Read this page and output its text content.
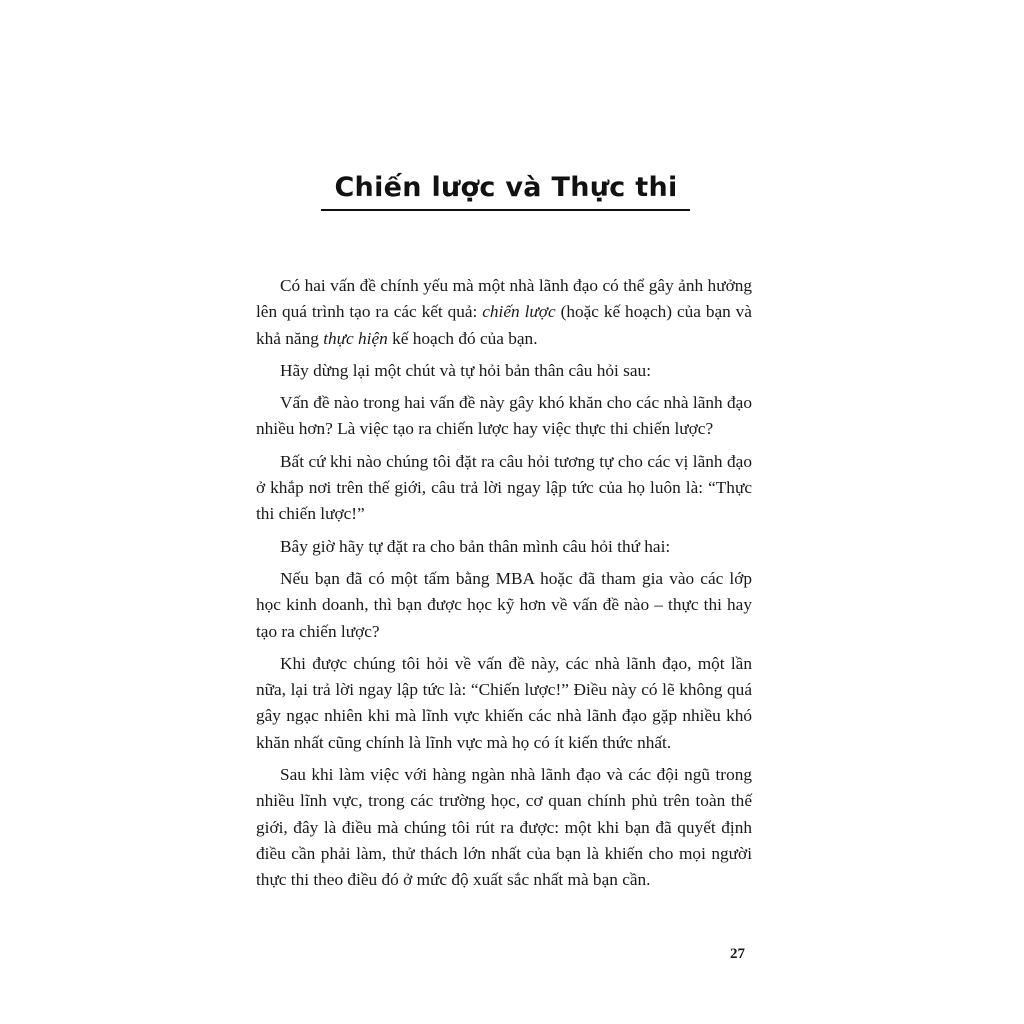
Chiến lược và Thực thi

Có hai vấn đề chính yếu mà một nhà lãnh đạo có thể gây ảnh hưởng lên quá trình tạo ra các kết quả: chiến lược (hoặc kế hoạch) của bạn và khả năng thực hiện kế hoạch đó của bạn.

Hãy dừng lại một chút và tự hỏi bản thân câu hỏi sau:

Vấn đề nào trong hai vấn đề này gây khó khăn cho các nhà lãnh đạo nhiều hơn? Là việc tạo ra chiến lược hay việc thực thi chiến lược?

Bất cứ khi nào chúng tôi đặt ra câu hỏi tương tự cho các vị lãnh đạo ở khắp nơi trên thế giới, câu trả lời ngay lập tức của họ luôn là: “Thực thi chiến lược!”

Bây giờ hãy tự đặt ra cho bản thân mình câu hỏi thứ hai:

Nếu bạn đã có một tấm bằng MBA hoặc đã tham gia vào các lớp học kinh doanh, thì bạn được học kỹ hơn về vấn đề nào – thực thi hay tạo ra chiến lược?

Khi được chúng tôi hỏi về vấn đề này, các nhà lãnh đạo, một lần nữa, lại trả lời ngay lập tức là: “Chiến lược!” Điều này có lẽ không quá gây ngạc nhiên khi mà lĩnh vực khiến các nhà lãnh đạo gặp nhiều khó khăn nhất cũng chính là lĩnh vực mà họ có ít kiến thức nhất.

Sau khi làm việc với hàng ngàn nhà lãnh đạo và các đội ngũ trong nhiều lĩnh vực, trong các trường học, cơ quan chính phủ trên toàn thế giới, đây là điều mà chúng tôi rút ra được: một khi bạn đã quyết định điều cần phải làm, thử thách lớn nhất của bạn là khiến cho mọi người thực thi theo điều đó ở mức độ xuất sắc nhất mà bạn cần.

27
